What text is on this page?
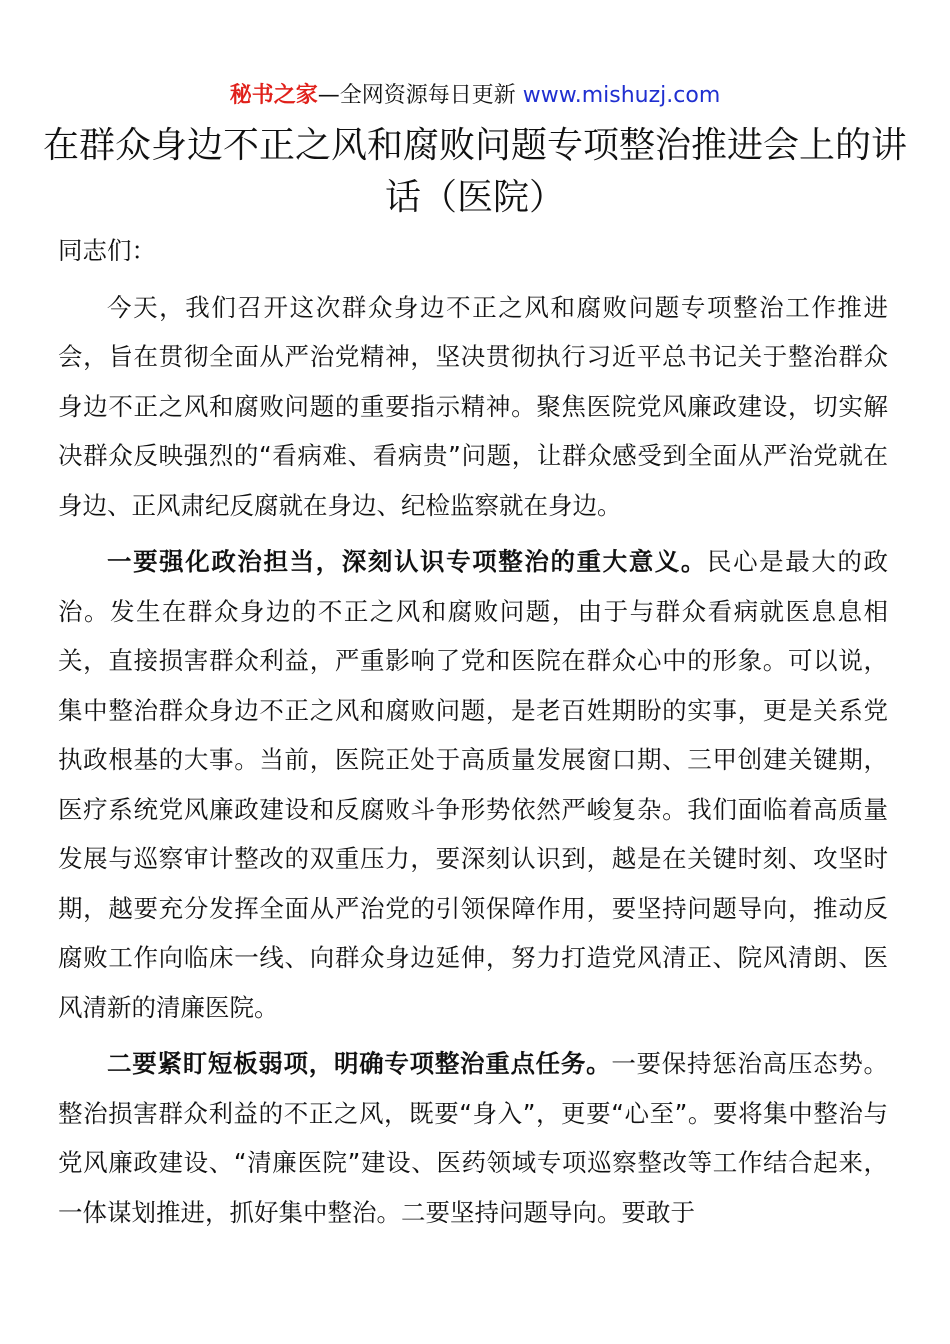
秘书之家—全网资源每日更新 www.mishuzj.com
在群众身边不正之风和腐败问题专项整治推进会上的讲话（医院）

同志们：

今天，我们召开这次群众身边不正之风和腐败问题专项整治工作推进会，旨在贯彻全面从严治党精神，坚决贯彻执行习近平总书记关于整治群众身边不正之风和腐败问题的重要指示精神。聚焦医院党风廉政建设，切实解决群众反映强烈的“看病难、看病贵”问题，让群众感受到全面从严治党就在身边、正风肃纪反腐就在身边、纪检监察就在身边。

一要强化政治担当，深刻认识专项整治的重大意义。民心是最大的政治。发生在群众身边的不正之风和腐败问题，由于与群众看病就医息息相关，直接损害群众利益，严重影响了党和医院在群众心中的形象。可以说，集中整治群众身边不正之风和腐败问题，是老百姓期盼的实事，更是关系党执政根基的大事。当前，医院正处于高质量发展窗口期、三甲创建关键期，医疗系统党风廉政建设和反腐败斗争形势依然严峻复杂。我们面临着高质量发展与巡察审计整改的双重压力，要深刻认识到，越是在关键时刻、攻坚时期，越要充分发挥全面从严治党的引领保障作用，要坚持问题导向，推动反腐败工作向临床一线、向群众身边延伸，努力打造党风清正、院风清朗、医风清新的清廉医院。

二要紧盯短板弱项，明确专项整治重点任务。一要保持惩治高压态势。整治损害群众利益的不正之风，既要“身入”，更要“心至”。要将集中整治与党风廉政建设、“清廉医院”建设、医药领域专项巡察整改等工作结合起来，一体谋划推进，抓好集中整治。二要坚持问题导向。要敢于
